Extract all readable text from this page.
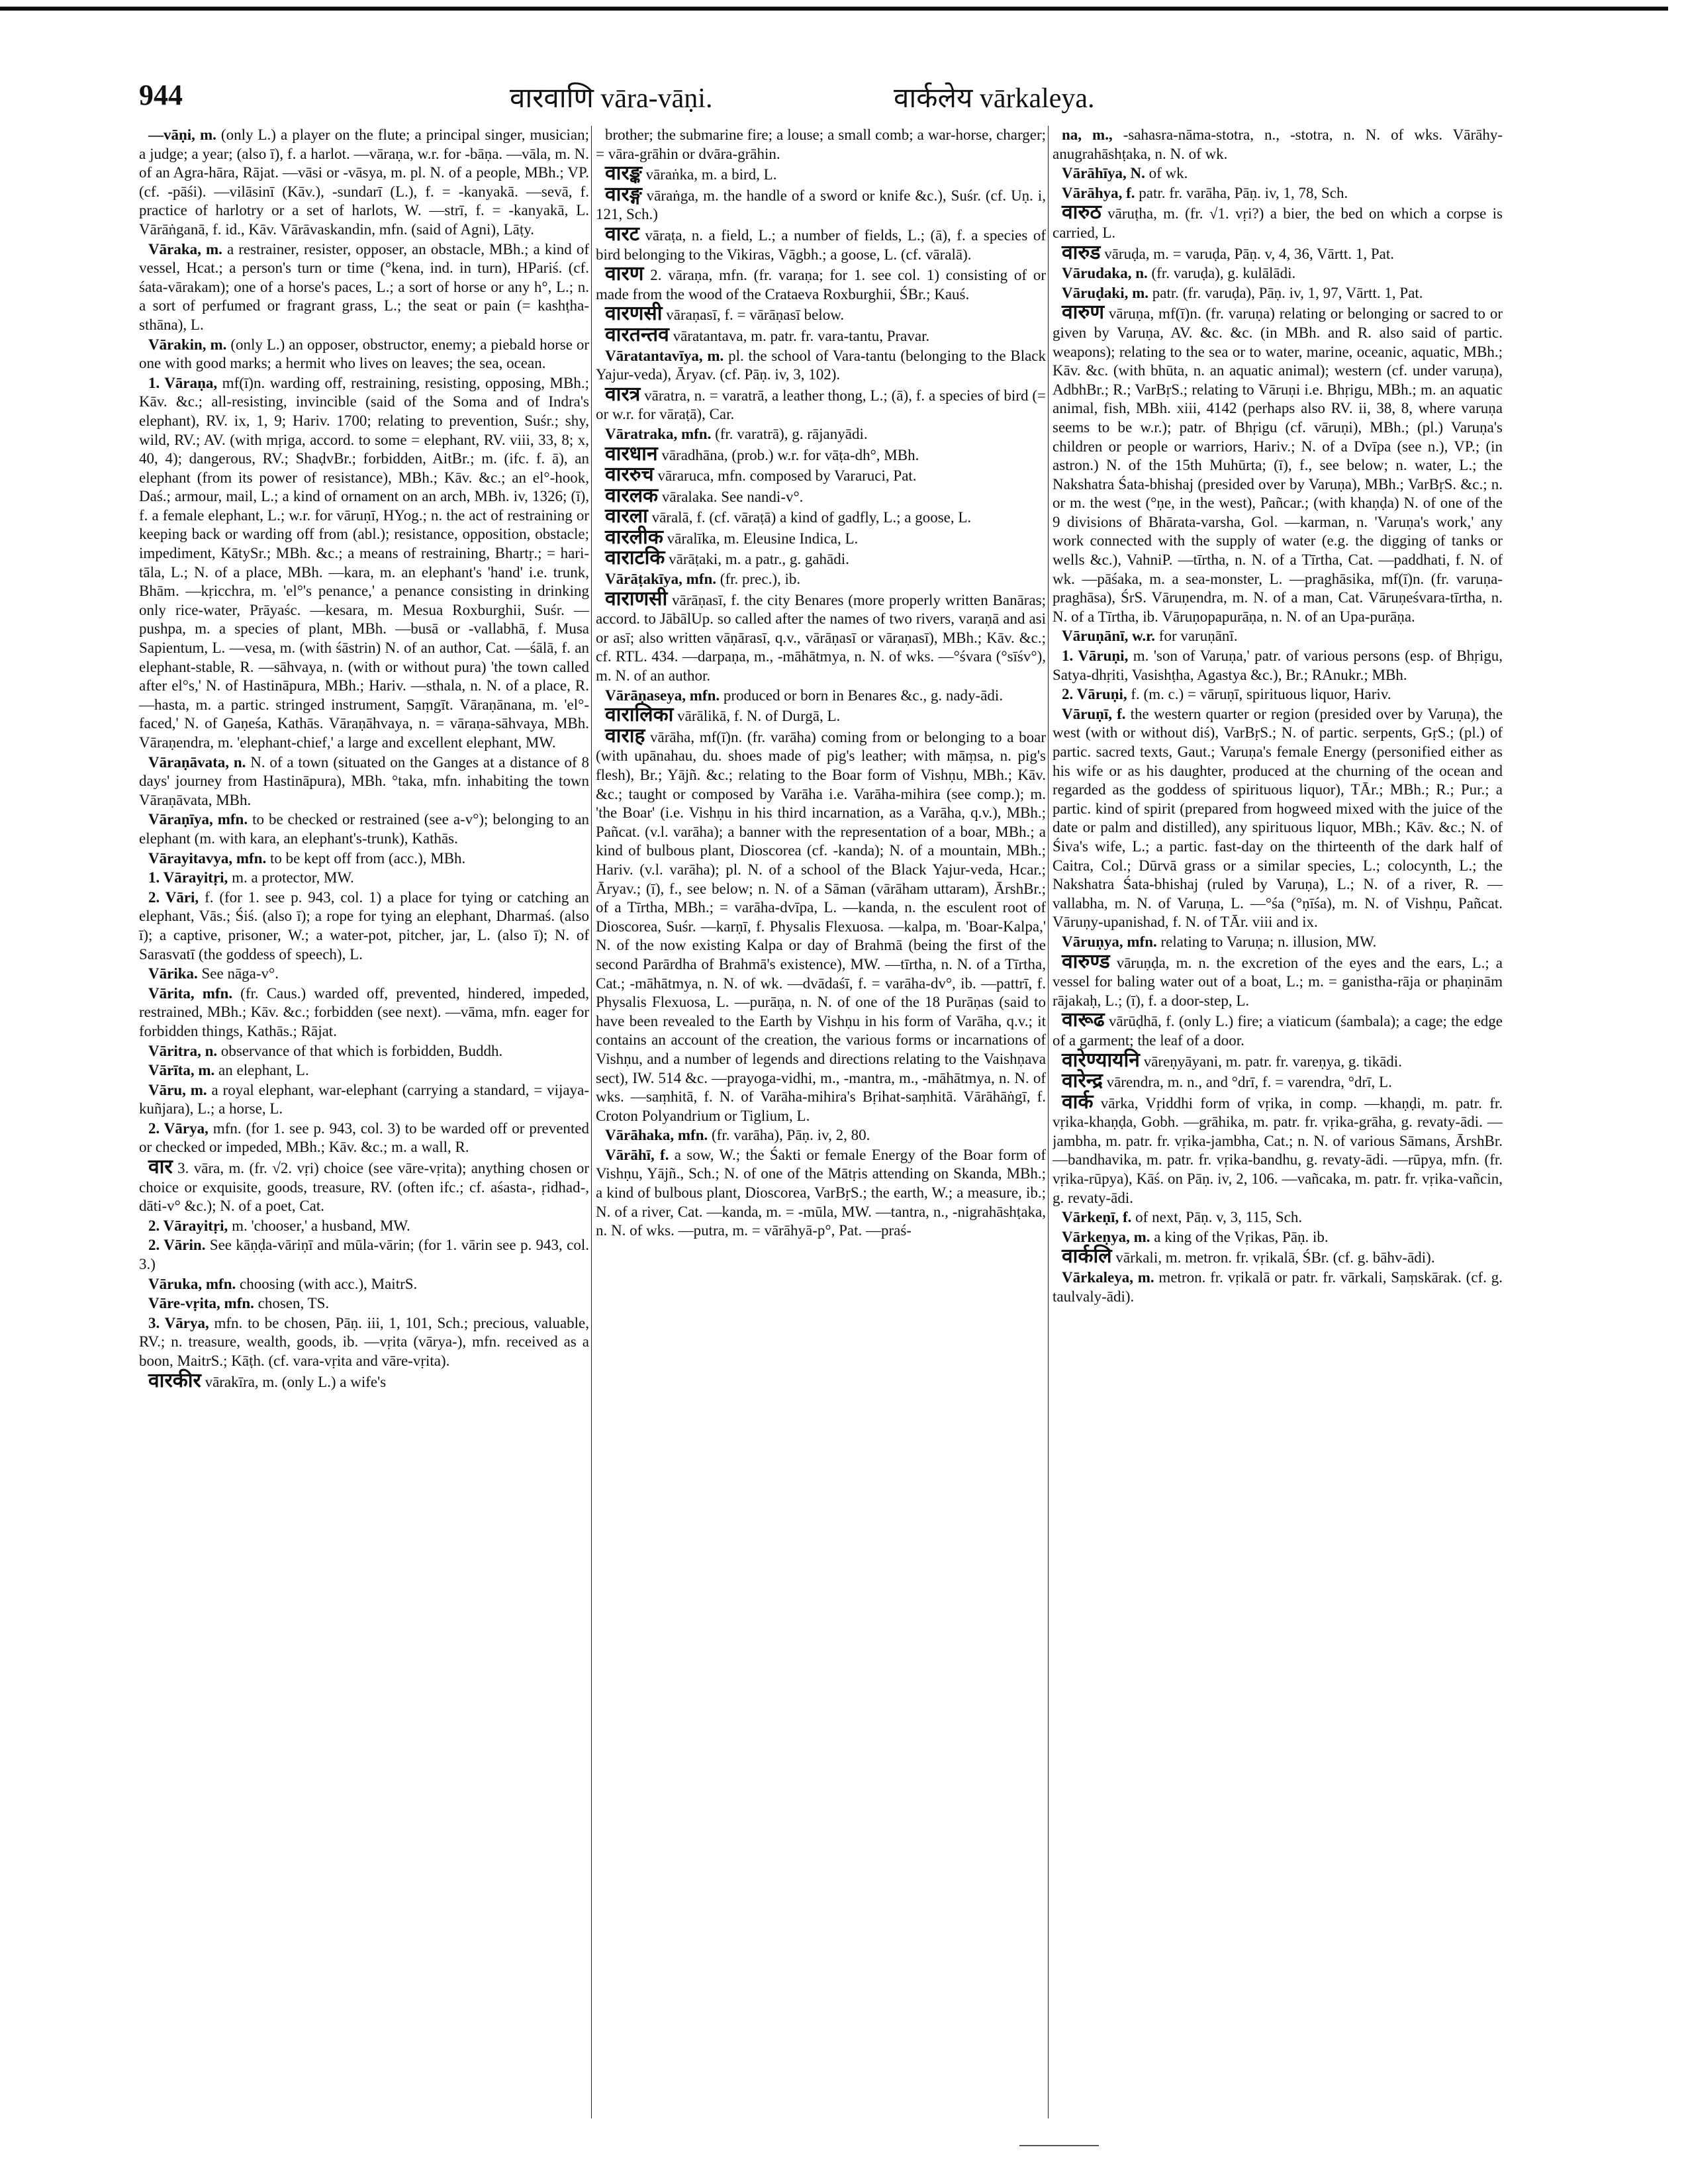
944	वारवाणि vāra-vāṇi.	वार्कलेय vārkaleya.

—vāṇi, m. (only L.) a player on the flute; a principal singer, musician; a judge; a year; (also ī), f. a harlot. —vāraṇa, w.r. for -bāṇa. —vāla, m. N. of an Agra-hāra, Rājat. —vāsi or -vāsya, m. pl. N. of a people, MBh.; VP. (cf. -pāśi). —vilāsinī (Kāv.), -sundarī (L.), f. = -kanyakā. —sevā, f. practice of harlotry or a set of harlots, W. —strī, f. = -kanyakā, L. Vārāṅganā, f. id., Kāv. Vārāvaskandin, mfn. (said of Agni), Lāṭy.

Vāraka, m. a restrainer, resister, opposer, an obstacle, MBh.; a kind of vessel, Hcat.; a person's turn or time (°kena, ind. in turn), HPariś. (cf. śata-vārakam); one of a horse's paces, L.; a sort of horse or any h°, L.; n. a sort of perfumed or fragrant grass, L.; the seat or pain (= kashṭha-sthāna), L.

Vārakin, m. (only L.) an opposer, obstructor, enemy; a piebald horse or one with good marks; a hermit who lives on leaves; the sea, ocean.

1. Vāraṇa, mf(ī)n. warding off, restraining, resisting, opposing, MBh.; Kāv. &c.; all-resisting, invincible (said of the Soma and of Indra's elephant), RV. ix, 1, 9; Hariv. 1700; relating to prevention, Suśr.; shy, wild, RV.; AV. (with mṛiga, accord. to some = elephant, RV. viii, 33, 8; x, 40, 4); dangerous, RV.; ShaḍvBr.; forbidden, AitBr.; m. (ifc. f. ā), an elephant (from its power of resistance), MBh.; Kāv. &c.; an el°-hook, Daś.; armour, mail, L.; a kind of ornament on an arch, MBh. iv, 1326; (ī), f. a female elephant, L.; w.r. for vāruṇī, HYog.; n. the act of restraining or keeping back or warding off from (abl.); resistance, opposition, obstacle; impediment, KātySr.; MBh. &c.; a means of restraining, Bhartṛ.; = hari-tāla, L.; N. of a place, MBh. —kara, m. an elephant's 'hand' i.e. trunk, Bhām. —kṛicchra, m. 'el°'s penance,' a penance consisting in drinking only rice-water, Prāyaśc. —kesara, m. Mesua Roxburghii, Suśr. —pushpa, m. a species of plant, MBh. —busā or -vallabhā, f. Musa Sapientum, L. —vesa, m. (with śāstrin) N. of an author, Cat. —śālā, f. an elephant-stable, R. —sāhvaya, n. (with or without pura) 'the town called after el°s,' N. of Hastināpura, MBh.; Hariv. —sthala, n. N. of a place, R. —hasta, m. a partic. stringed instrument, Saṃgīt. Vāraṇānana, m. 'el°-faced,' N. of Gaṇeśa, Kathās. Vāraṇāhvaya, n. = vāraṇa-sāhvaya, MBh. Vāraṇendra, m. 'elephant-chief,' a large and excellent elephant, MW.

Vāraṇāvata, n. N. of a town (situated on the Ganges at a distance of 8 days' journey from Hastināpura), MBh. °taka, mfn. inhabiting the town Vāraṇāvata, MBh.

Vāraṇīya, mfn. to be checked or restrained (see a-v°); belonging to an elephant (m. with kara, an elephant's-trunk), Kathās.

Vārayitavya, mfn. to be kept off from (acc.), MBh.

1. Vārayitṛi, m. a protector, MW.

2. Vāri, f. (for 1. see p. 943, col. 1) a place for tying or catching an elephant, Vās.; Śiś. (also ī); a rope for tying an elephant, Dharmaś. (also ī); a captive, prisoner, W.; a water-pot, pitcher, jar, L. (also ī); N. of Sarasvatī (the goddess of speech), L.

Vārika. See nāga-v°.

Vārita, mfn. (fr. Caus.) warded off, prevented, hindered, impeded, restrained, MBh.; Kāv. &c.; forbidden (see next). —vāma, mfn. eager for forbidden things, Kathās.; Rājat.

Vāritra, n. observance of that which is forbidden, Buddh.

Vārīta, m. an elephant, L.

Vāru, m. a royal elephant, war-elephant (carrying a standard, = vijaya-kuñjara), L.; a horse, L.

2. Vārya, mfn. (for 1. see p. 943, col. 3) to be warded off or prevented or checked or impeded, MBh.; Kāv. &c.; m. a wall, R.

वार 3. vāra, m. (fr. √2. vṛi) choice (see vāre-vṛita); anything chosen or choice or exquisite, goods, treasure, RV. (often ifc.; cf. aśasta-, ṛidhad-, dāti-v° &c.); N. of a poet, Cat.

2. Vārayitṛi, m. 'chooser,' a husband, MW.

2. Vārin. See kāṇḍa-vāriṇī and mūla-vārin; (for 1. vārin see p. 943, col. 3.)

Vāruka, mfn. choosing (with acc.), MaitrS.

Vāre-vṛita, mfn. chosen, TS.

3. Vārya, mfn. to be chosen, Pāṇ. iii, 1, 101, Sch.; precious, valuable, RV.; n. treasure, wealth, goods, ib. —vṛita (vārya-), mfn. received as a boon, MaitrS.; Kāṭh. (cf. vara-vṛita and vāre-vṛita).

वारकीर vārakīra, m. (only L.) a wife's

brother; the submarine fire; a louse; a small comb; a war-horse, charger; = vāra-grāhin or dvāra-grāhin.

वारङ्क vāraṅka, m. a bird, L.

वारङ्ग vāraṅga, m. the handle of a sword or knife &c.), Suśr. (cf. Uṇ. i, 121, Sch.)

वारट vāraṭa, n. a field, L.; a number of fields, L.; (ā), f. a species of bird belonging to the Vikiras, Vāgbh.; a goose, L. (cf. vāralā).

वारण 2. vāraṇa, mfn. (fr. varaṇa; for 1. see col. 1) consisting of or made from the wood of the Crataeva Roxburghii, ŚBr.; Kauś.

वारणसी vāraṇasī, f. = vārāṇasī below.

वारतन्तव vāratantava, m. patr. fr. vara-tantu, Pravar.

Vāratantavīya, m. pl. the school of Vara-tantu (belonging to the Black Yajur-veda), Āryav. (cf. Pāṇ. iv, 3, 102).

वारत्र vāratra, n. = varatrā, a leather thong, L.; (ā), f. a species of bird (= or w.r. for vāraṭā), Car.

Vāratraka, mfn. (fr. varatrā), g. rājanyādi.

वारधान vāradhāna, (prob.) w.r. for vāṭa-dh°, MBh.

वाररुच vāraruca, mfn. composed by Vararuci, Pat.

वारलक vāralaka. See nandi-v°.

वारला vāralā, f. (cf. vāraṭā) a kind of gadfly, L.; a goose, L.

वारलीक vāralīka, m. Eleusine Indica, L.

वाराटकि vārāṭaki, m. a patr., g. gahādi.

Vārāṭakīya, mfn. (fr. prec.), ib.

वाराणसी vārāṇasī, f. the city Benares (more properly written Banāras; accord. to JābālUp. so called after the names of two rivers, varaṇā and asi or asī; also written vāṇārasī, q.v., vārāṇasī or vāraṇasī), MBh.; Kāv. &c.; cf. RTL. 434. —darpaṇa, m., -māhātmya, n. N. of wks. —°śvara (°sīśv°), m. N. of an author.

Vārāṇaseya, mfn. produced or born in Benares &c., g. nady-ādi.

वारालिका vārālikā, f. N. of Durgā, L.

वाराह vārāha, mf(ī)n. (fr. varāha) coming from or belonging to a boar (with upānahau, du. shoes made of pig's leather; with māṃsa, n. pig's flesh), Br.; Yājñ. &c.; relating to the Boar form of Vishṇu, MBh.; Kāv. &c.; taught or composed by Varāha i.e. Varāha-mihira (see comp.); m. 'the Boar' (i.e. Vishṇu in his third incarnation, as a Varāha, q.v.), MBh.; Pañcat. (v.l. varāha); a banner with the representation of a boar, MBh.; a kind of bulbous plant, Dioscorea (cf. -kanda); N. of a mountain, MBh.; Hariv. (v.l. varāha); pl. N. of a school of the Black Yajur-veda, Hcar.; Āryav.; (ī), f., see below; n. N. of a Sāman (vārāham uttaram), ĀrshBr.; of a Tīrtha, MBh.; = varāha-dvīpa, L. —kanda, n. the esculent root of Dioscorea, Suśr. —karṇī, f. Physalis Flexuosa. —kalpa, m. 'Boar-Kalpa,' N. of the now existing Kalpa or day of Brahmā (being the first of the second Parārdha of Brahmā's existence), MW. —tīrtha, n. N. of a Tīrtha, Cat.; -māhātmya, n. N. of wk. —dvādaśī, f. = varāha-dv°, ib. —pattrī, f. Physalis Flexuosa, L. —purāṇa, n. N. of one of the 18 Purāṇas (said to have been revealed to the Earth by Vishṇu in his form of Varāha, q.v.; it contains an account of the creation, the various forms or incarnations of Vishṇu, and a number of legends and directions relating to the Vaishṇava sect), IW. 514 &c. —prayoga-vidhi, m., -mantra, m., -māhātmya, n. N. of wks. —saṃhitā, f. N. of Varāha-mihira's Bṛihat-saṃhitā. Vārāhāṅgī, f. Croton Polyandrium or Tiglium, L.

Vārāhaka, mfn. (fr. varāha), Pāṇ. iv, 2, 80.

Vārāhī, f. a sow, W.; the Śakti or female Energy of the Boar form of Vishṇu, Yājñ., Sch.; N. of one of the Mātṛis attending on Skanda, MBh.; a kind of bulbous plant, Dioscorea, VarBṛS.; the earth, W.; a measure, ib.; N. of a river, Cat. —kanda, m. = -mūla, MW. —tantra, n., -nigrahāshṭaka, n. N. of wks. —putra, m. = vārāhyā-p°, Pat. —praś-

na, m., -sahasra-nāma-stotra, n., -stotra, n. N. of wks. Vārāhy-anugrahāshṭaka, n. N. of wk.

Vārāhīya, N. of wk.

Vārāhya, f. patr. fr. varāha, Pāṇ. iv, 1, 78, Sch.

वारुठ vāruṭha, m. (fr. √1. vṛi?) a bier, the bed on which a corpse is carried, L.

वारुड vāruḍa, m. = varuḍa, Pāṇ. v, 4, 36, Vārtt. 1, Pat.

Vārudaka, n. (fr. varuḍa), g. kulālādi.

Vāruḍaki, m. patr. (fr. varuḍa), Pāṇ. iv, 1, 97, Vārtt. 1, Pat.

वारुण vāruṇa, mf(ī)n. (fr. varuṇa) relating or belonging or sacred to or given by Varuṇa, AV. &c. &c. (in MBh. and R. also said of partic. weapons); relating to the sea or to water, marine, oceanic, aquatic, MBh.; Kāv. &c. (with bhūta, n. an aquatic animal); western (cf. under varuṇa), AdbhBr.; R.; VarBṛS.; relating to Vāruṇi i.e. Bhṛigu, MBh.; m. an aquatic animal, fish, MBh. xiii, 4142 (perhaps also RV. ii, 38, 8, where varuṇa seems to be w.r.); patr. of Bhṛigu (cf. vāruṇi), MBh.; (pl.) Varuṇa's children or people or warriors, Hariv.; N. of a Dvīpa (see n.), VP.; (in astron.) N. of the 15th Muhūrta; (ī), f., see below; n. water, L.; the Nakshatra Śata-bhishaj (presided over by Varuṇa), MBh.; VarBṛS. &c.; n. or m. the west (°ṇe, in the west), Pañcar.; (with khaṇḍa) N. of one of the 9 divisions of Bhārata-varsha, Gol. —karman, n. 'Varuṇa's work,' any work connected with the supply of water (e.g. the digging of tanks or wells &c.), VahniP. —tīrtha, n. N. of a Tīrtha, Cat. —paddhati, f. N. of wk. —pāśaka, m. a sea-monster, L. —praghāsika, mf(ī)n. (fr. varuṇa-praghāsa), ŚrS. Vāruṇendra, m. N. of a man, Cat. Vāruṇeśvara-tīrtha, n. N. of a Tīrtha, ib. Vāruṇopapurāṇa, n. N. of an Upa-purāṇa.

Vāruṇānī, w.r. for varuṇānī.

1. Vāruṇi, m. 'son of Varuṇa,' patr. of various persons (esp. of Bhṛigu, Satya-dhṛiti, Vasishṭha, Agastya &c.), Br.; RAnukr.; MBh.

2. Vāruṇi, f. (m. c.) = vāruṇī, spirituous liquor, Hariv.

Vāruṇī, f. the western quarter or region (presided over by Varuṇa), the west (with or without diś), VarBṛS.; N. of partic. serpents, GṛS.; (pl.) of partic. sacred texts, Gaut.; Varuṇa's female Energy (personified either as his wife or as his daughter, produced at the churning of the ocean and regarded as the goddess of spirituous liquor), TĀr.; MBh.; R.; Pur.; a partic. kind of spirit (prepared from hogweed mixed with the juice of the date or palm and distilled), any spirituous liquor, MBh.; Kāv. &c.; N. of Śiva's wife, L.; a partic. fast-day on the thirteenth of the dark half of Caitra, Col.; Dūrvā grass or a similar species, L.; colocynth, L.; the Nakshatra Śata-bhishaj (ruled by Varuṇa), L.; N. of a river, R. —vallabha, m. N. of Varuṇa, L. —°śa (°ṇīśa), m. N. of Vishṇu, Pañcat. Vāruṇy-upanishad, f. N. of TĀr. viii and ix.

Vāruṇya, mfn. relating to Varuṇa; n. illusion, MW.

वारुण्ड vāruṇḍa, m. n. the excretion of the eyes and the ears, L.; a vessel for baling water out of a boat, L.; m. = ganistha-rāja or phaṇinām rājakaḥ, L.; (ī), f. a door-step, L.

वारूढ vārūḍhā, f. (only L.) fire; a viaticum (śambala); a cage; the edge of a garment; the leaf of a door.

वारेण्यायनि vāreṇyāyani, m. patr. fr. vareṇya, g. tikādi.

वारेन्द्र vārendra, m. n., and °drī, f. = varendra, °drī, L.

वार्क vārka, Vṛiddhi form of vṛika, in comp. —khaṇḍi, m. patr. fr. vṛika-khaṇḍa, Gobh. —grāhika, m. patr. fr. vṛika-grāha, g. revaty-ādi. —jambha, m. patr. fr. vṛika-jambha, Cat.; n. N. of various Sāmans, ĀrshBr. —bandhavika, m. patr. fr. vṛika-bandhu, g. revaty-ādi. —rūpya, mfn. (fr. vṛika-rūpya), Kāś. on Pāṇ. iv, 2, 106. —vañcaka, m. patr. fr. vṛika-vañcin, g. revaty-ādi.

Vārkeṇī, f. of next, Pāṇ. v, 3, 115, Sch.

Vārkeṇya, m. a king of the Vṛikas, Pāṇ. ib.

वार्कलि vārkali, m. metron. fr. vṛikalā, ŚBr. (cf. g. bāhv-ādi).

Vārkaleya, m. metron. fr. vṛikalā or patr. fr. vārkali, Saṃskārak. (cf. g. taulvaly-ādi).
